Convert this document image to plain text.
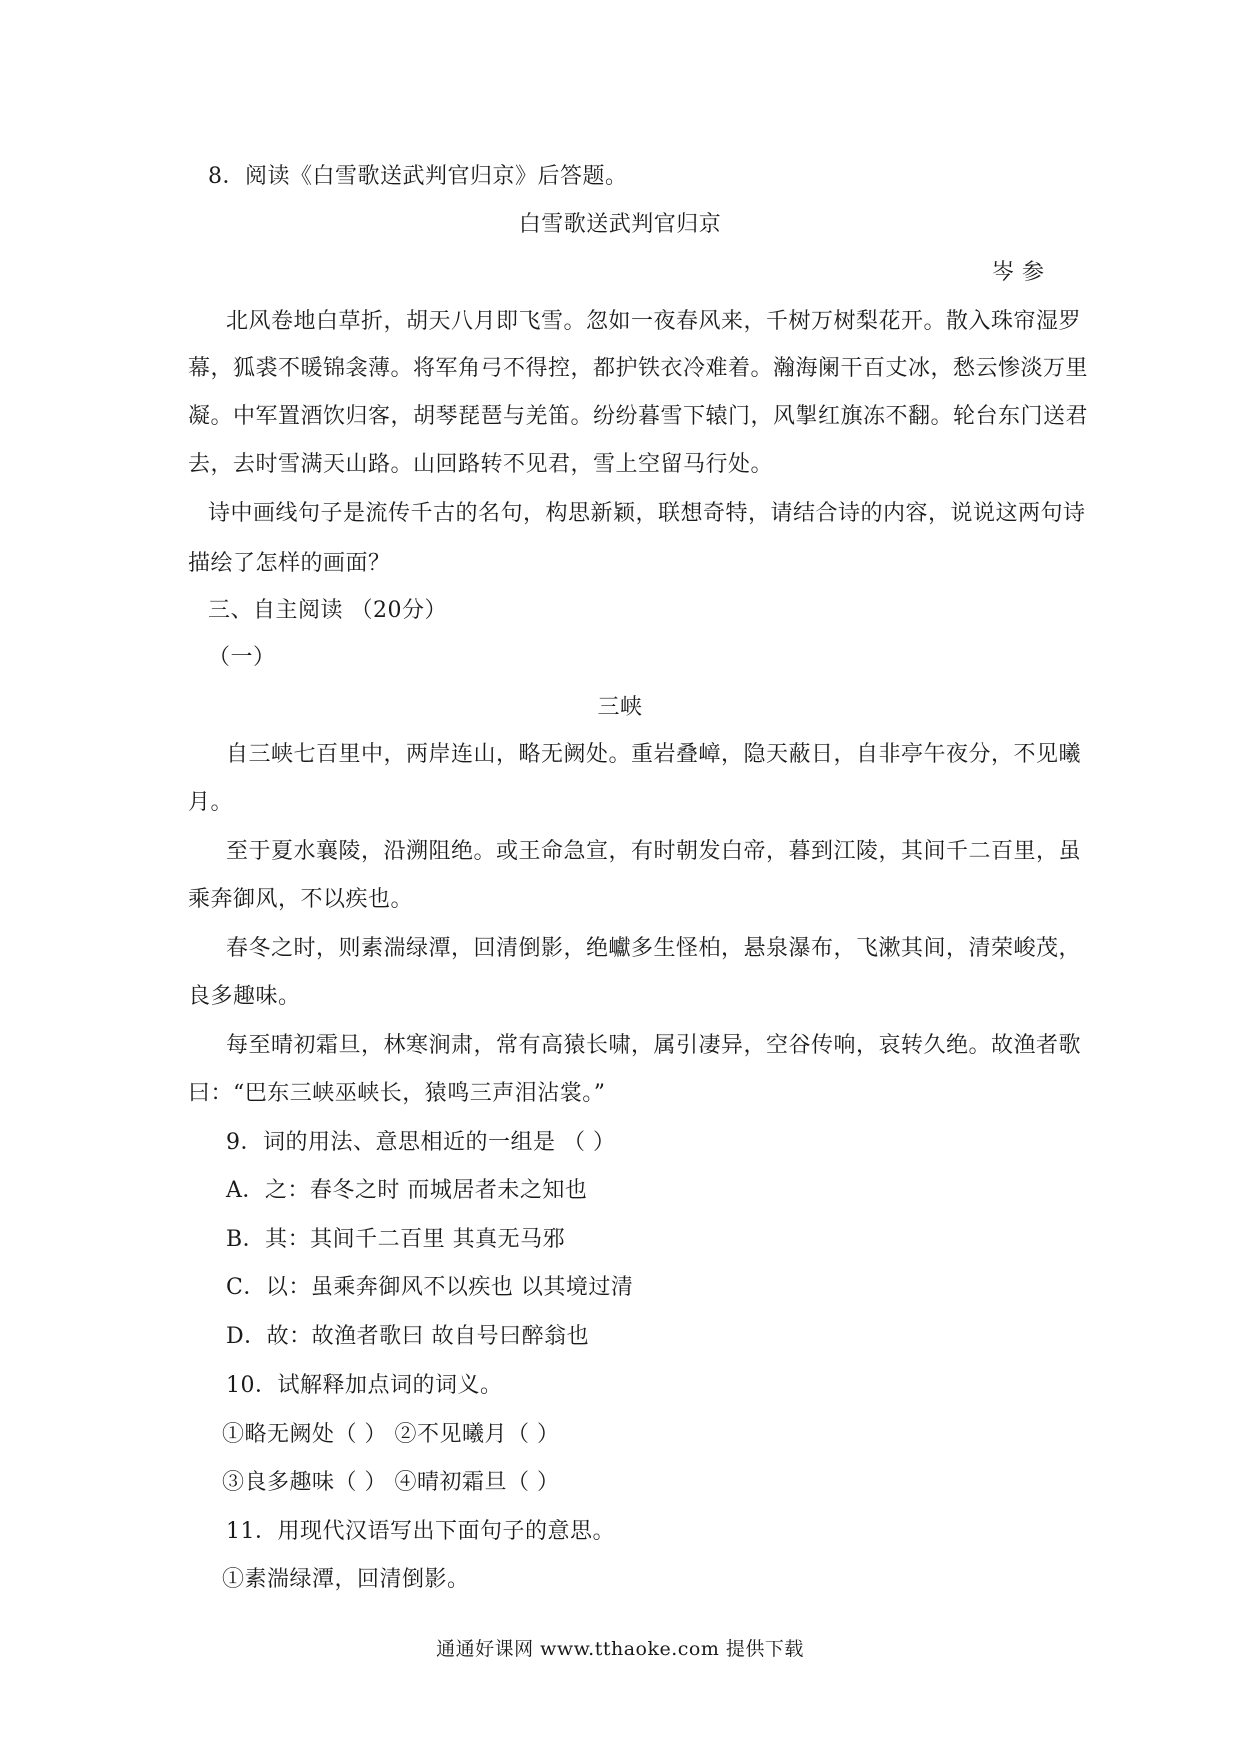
8．阅读《白雪歌送武判官归京》后答题。
白雪歌送武判官归京
岑 参
北风卷地白草折，胡天八月即飞雪。忽如一夜春风来，千树万树梨花开。散入珠帘湿罗
幕，狐裘不暖锦衾薄。将军角弓不得控，都护铁衣冷难着。瀚海阑干百丈冰，愁云惨淡万里
凝。中军置酒饮归客，胡琴琵琶与羌笛。纷纷暮雪下辕门，风掣红旗冻不翻。轮台东门送君
去，去时雪满天山路。山回路转不见君，雪上空留马行处。
诗中画线句子是流传千古的名句，构思新颖，联想奇特，请结合诗的内容，说说这两句诗
描绘了怎样的画面？
三、自主阅读 （20分）
（一）
三峡
自三峡七百里中，两岸连山，略无阙处。重岩叠嶂，隐天蔽日，自非亭午夜分，不见曦
月。
至于夏水襄陵，沿溯阻绝。或王命急宣，有时朝发白帝，暮到江陵，其间千二百里，虽
乘奔御风，不以疾也。
春冬之时，则素湍绿潭，回清倒影，绝巘多生怪柏，悬泉瀑布，飞漱其间，清荣峻茂，
良多趣味。
每至晴初霜旦，林寒涧肃，常有高猿长啸，属引凄异，空谷传响，哀转久绝。故渔者歌
曰：“巴东三峡巫峡长，猿鸣三声泪沾裳。”
9．词的用法、意思相近的一组是 （ ）
A．之：春冬之时 而城居者未之知也
B．其：其间千二百里 其真无马邪
C．以：虽乘奔御风不以疾也 以其境过清
D．故：故渔者歌曰 故自号曰醉翁也
10．试解释加点词的词义。
①略无阙处（ ） ②不见曦月（ ）
③良多趣味（ ） ④晴初霜旦（ ）
11．用现代汉语写出下面句子的意思。
①素湍绿潭，回清倒影。
通通好课网 www.tthaoke.com 提供下载
